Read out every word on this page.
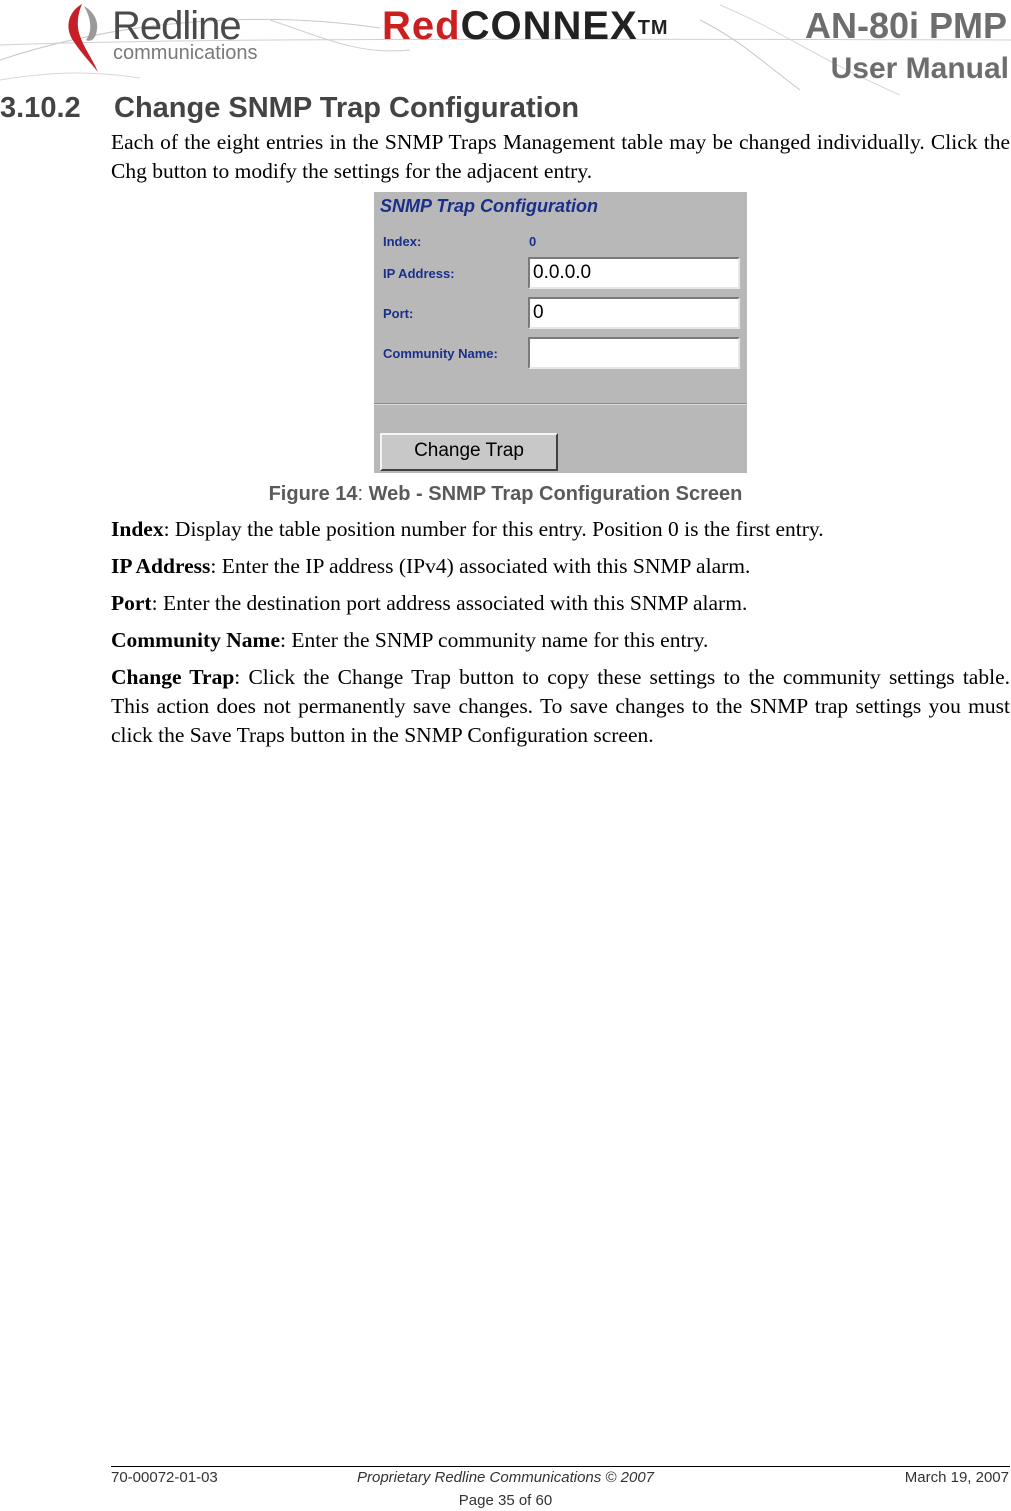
Redline
communications
RedCONNEX™	AN-80i PMP
User Manual
3.10.2 Change SNMP Trap Configuration
Each of the eight entries in the SNMP Traps Management table may be changed individually. Click the Chg button to modify the settings for the adjacent entry.
SNMP Trap Configuration
Index:	0
IP Address:	0.0.0.0
Port:	0
Community Name:
Change Trap
Figure 14: Web - SNMP Trap Configuration Screen
Index: Display the table position number for this entry. Position 0 is the first entry.
IP Address: Enter the IP address (IPv4) associated with this SNMP alarm.
Port: Enter the destination port address associated with this SNMP alarm.
Community Name: Enter the SNMP community name for this entry.
Change Trap: Click the Change Trap button to copy these settings to the community settings table. This action does not permanently save changes. To save changes to the SNMP trap settings you must click the Save Traps button in the SNMP Configuration screen.
70-00072-01-03	Proprietary Redline Communications © 2007	March 19, 2007
Page 35 of 60
